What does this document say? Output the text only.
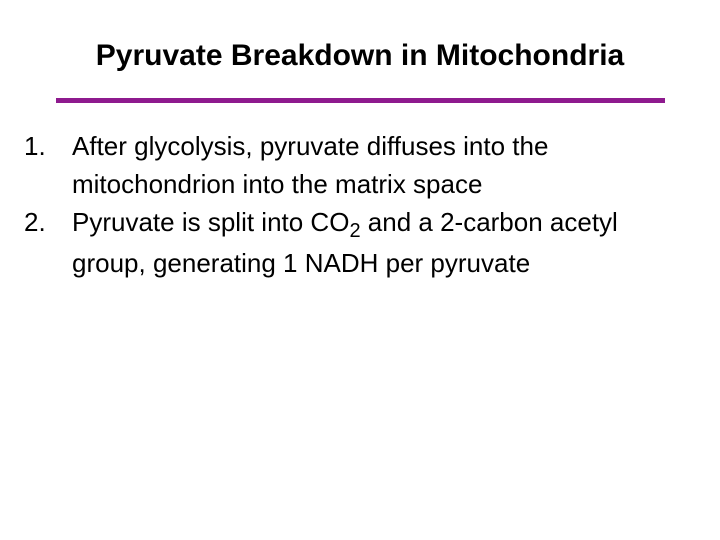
Pyruvate Breakdown in Mitochondria
1. After glycolysis, pyruvate diffuses into the mitochondrion into the matrix space
2. Pyruvate is split into $CO_2$ and a 2-carbon acetyl group, generating 1 NADH per pyruvate
